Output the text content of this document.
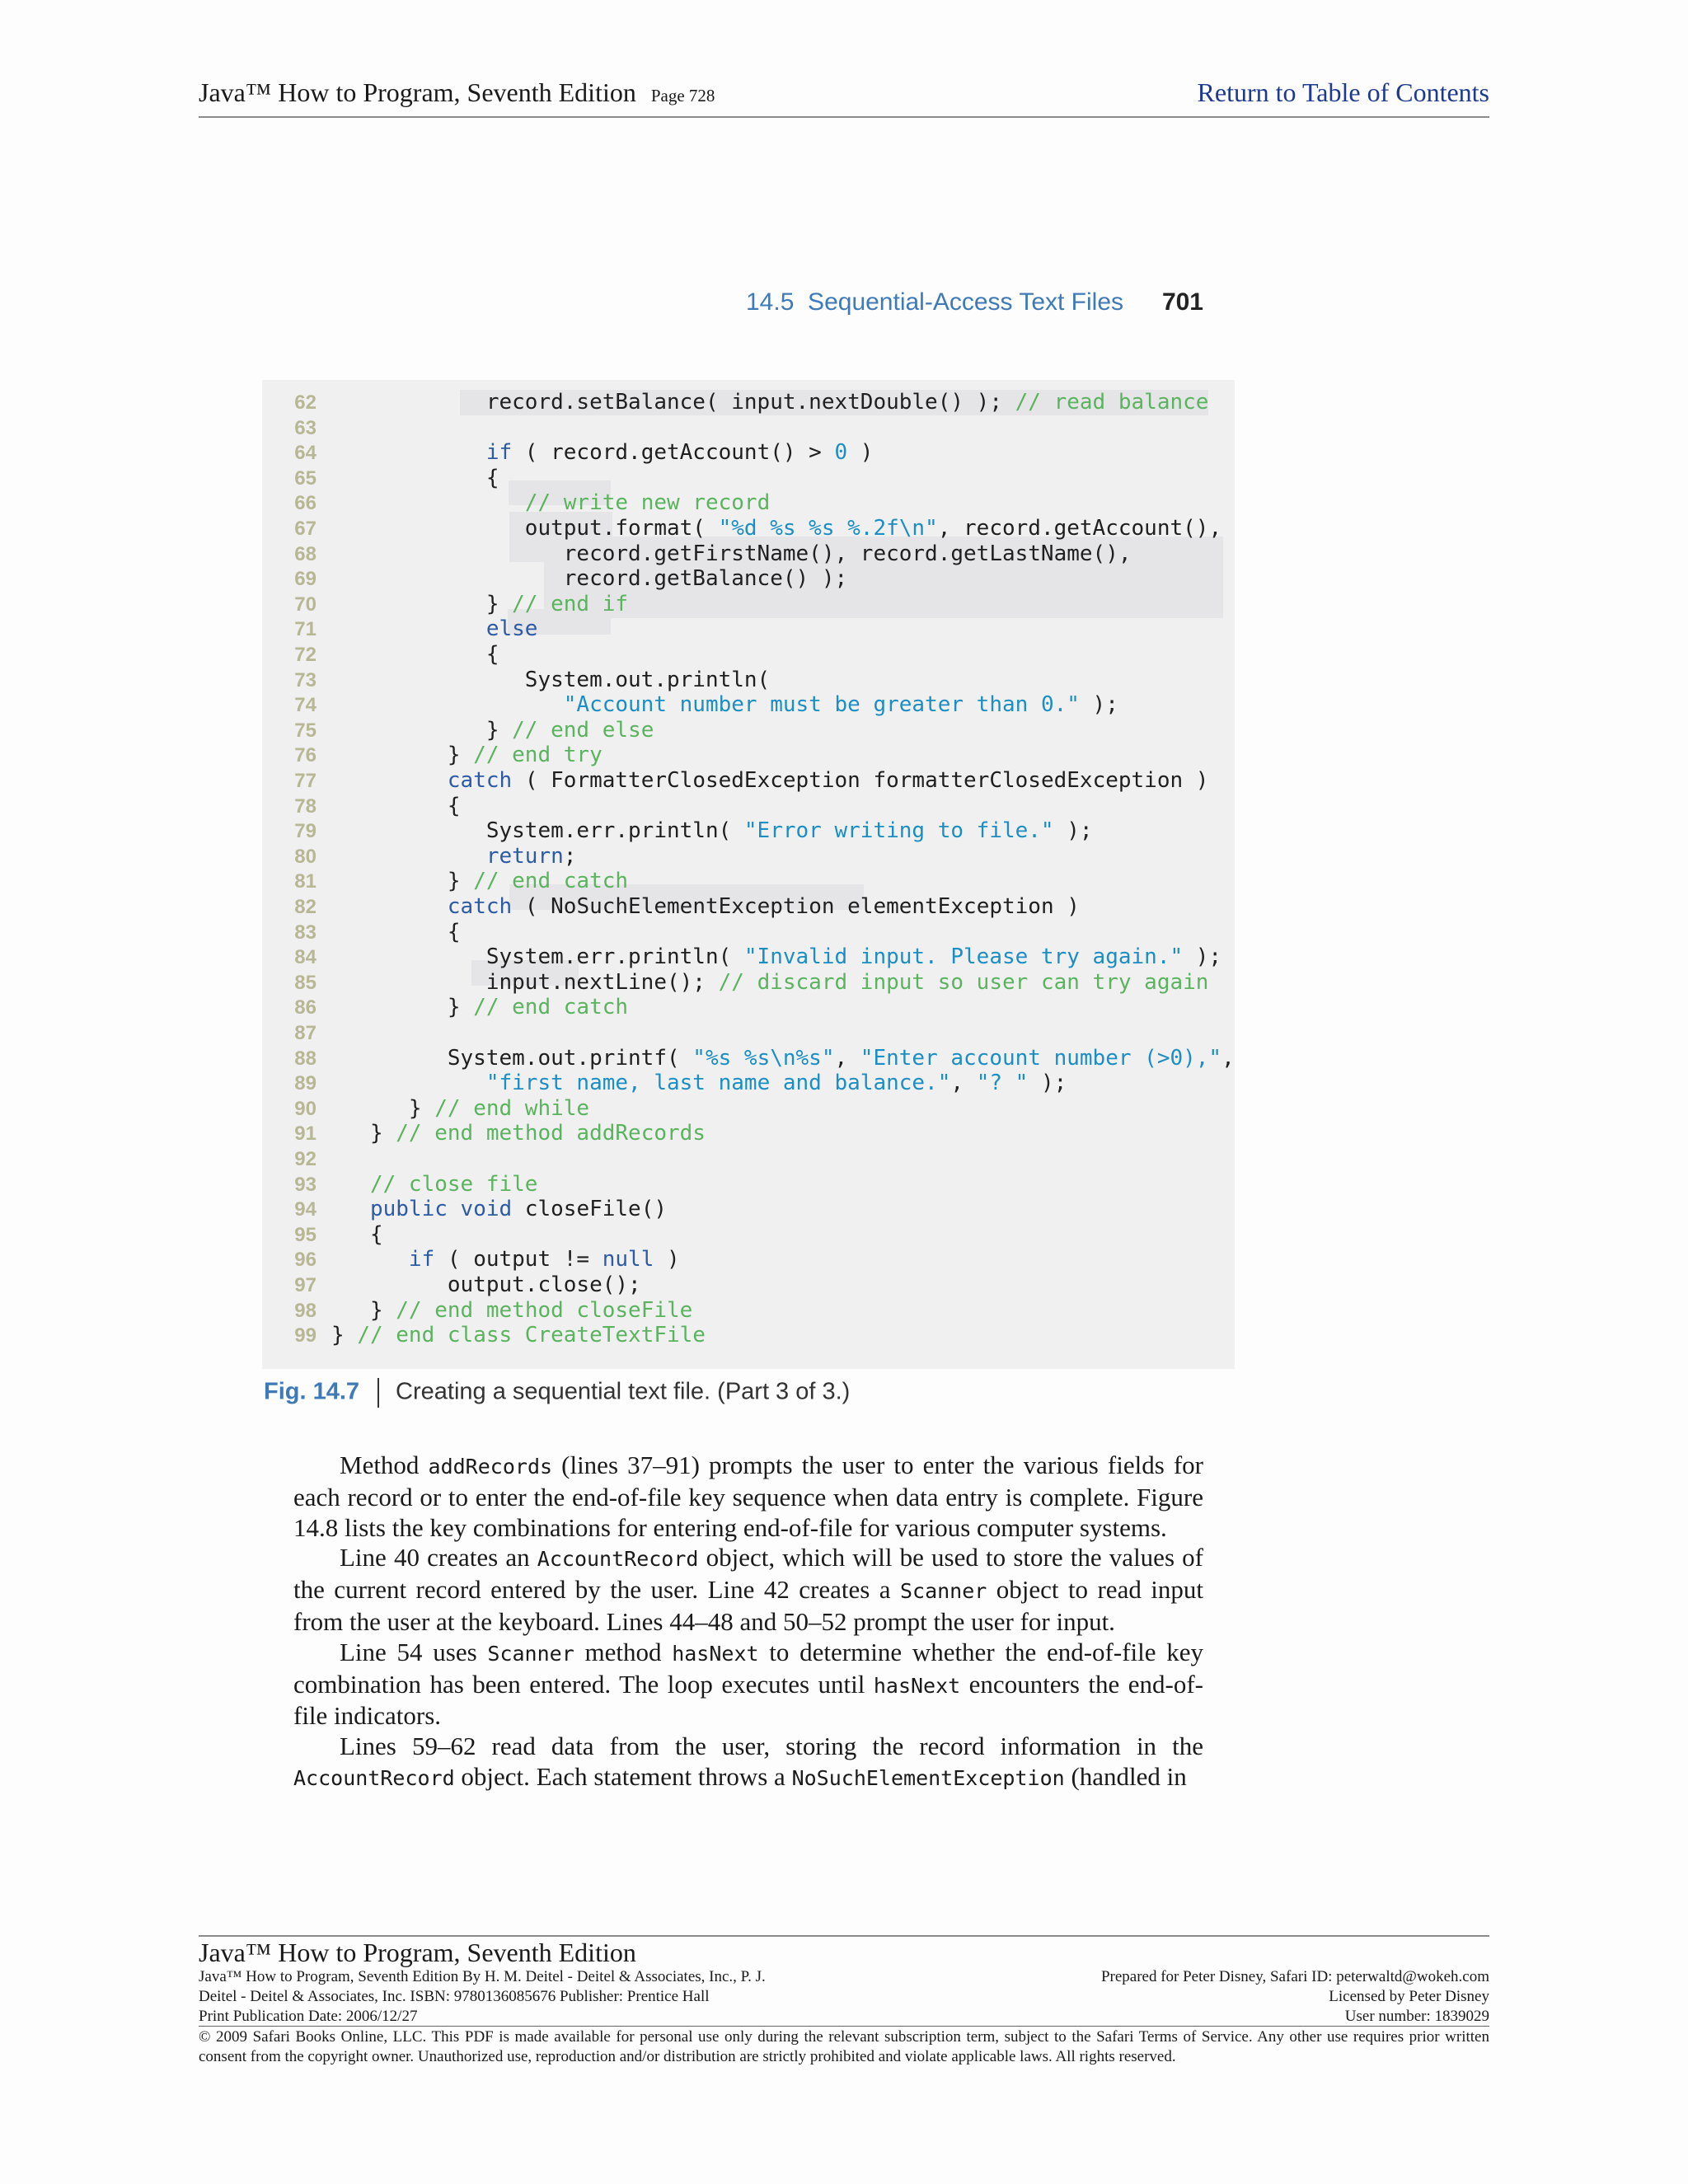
Java™ How to Program, Seventh Edition Page 728	Return to Table of Contents
14.5  Sequential-Access Text Files 701
62 record.setBalance( input.nextDouble() ); // read balance
63
64	if ( record.getAccount() > 0 )
65 {
66	// write new record
67 output.format( "%d %s %s %.2f\n", record.getAccount(),
68 record.getFirstName(), record.getLastName(),
69 record.getBalance() );
70 } // end if
71	else
72 {
73 System.out.println(
74	"Account number must be greater than 0." );
75 } // end else
76 } // end try
77	catch ( FormatterClosedException formatterClosedException )
78 {
79 System.err.println( "Error writing to file." );
80	return;
81 } // end catch
82	catch ( NoSuchElementException elementException )
83 {
84 System.err.println( "Invalid input. Please try again." );
85 input.nextLine(); // discard input so user can try again
86 } // end catch
87
88 System.out.printf( "%s %s\n%s", "Enter account number (>0),",
89	"first name, last name and balance.", "? " );
90 } // end while
91 } // end method addRecords
92
93	// close file
94	public void closeFile()
95 {
96	if ( output != null )
97 output.close();
98 } // end method closeFile
99 } // end class CreateTextFile
Fig. 14.7 Creating a sequential text file. (Part 3 of 3.)

Method addRecords (lines 37–91) prompts the user to enter the various fields for each record or to enter the end-of-file key sequence when data entry is complete. Figure 14.8 lists the key combinations for entering end-of-file for various computer systems.

Line 40 creates an AccountRecord object, which will be used to store the values of the current record entered by the user. Line 42 creates a Scanner object to read input from the user at the keyboard. Lines 44–48 and 50–52 prompt the user for input.

Line 54 uses Scanner method hasNext to determine whether the end-of-file key combination has been entered. The loop executes until hasNext encounters the end-of-file indicators.

Lines 59–62 read data from the user, storing the record information in the AccountRecord object. Each statement throws a NoSuchElementException (handled in

Java™ How to Program, Seventh Edition
Java™ How to Program, Seventh Edition By H. M. Deitel - Deitel & Associates, Inc., P. J.
Deitel - Deitel & Associates, Inc. ISBN: 9780136085676 Publisher: Prentice Hall
Print Publication Date: 2006/12/27
Prepared for Peter Disney, Safari ID: peterwaltd@wokeh.com
Licensed by Peter Disney
User number: 1839029
© 2009 Safari Books Online, LLC. This PDF is made available for personal use only during the relevant subscription term, subject to the Safari Terms of Service. Any other use requires prior written consent from the copyright owner. Unauthorized use, reproduction and/or distribution are strictly prohibited and violate applicable laws. All rights reserved.
